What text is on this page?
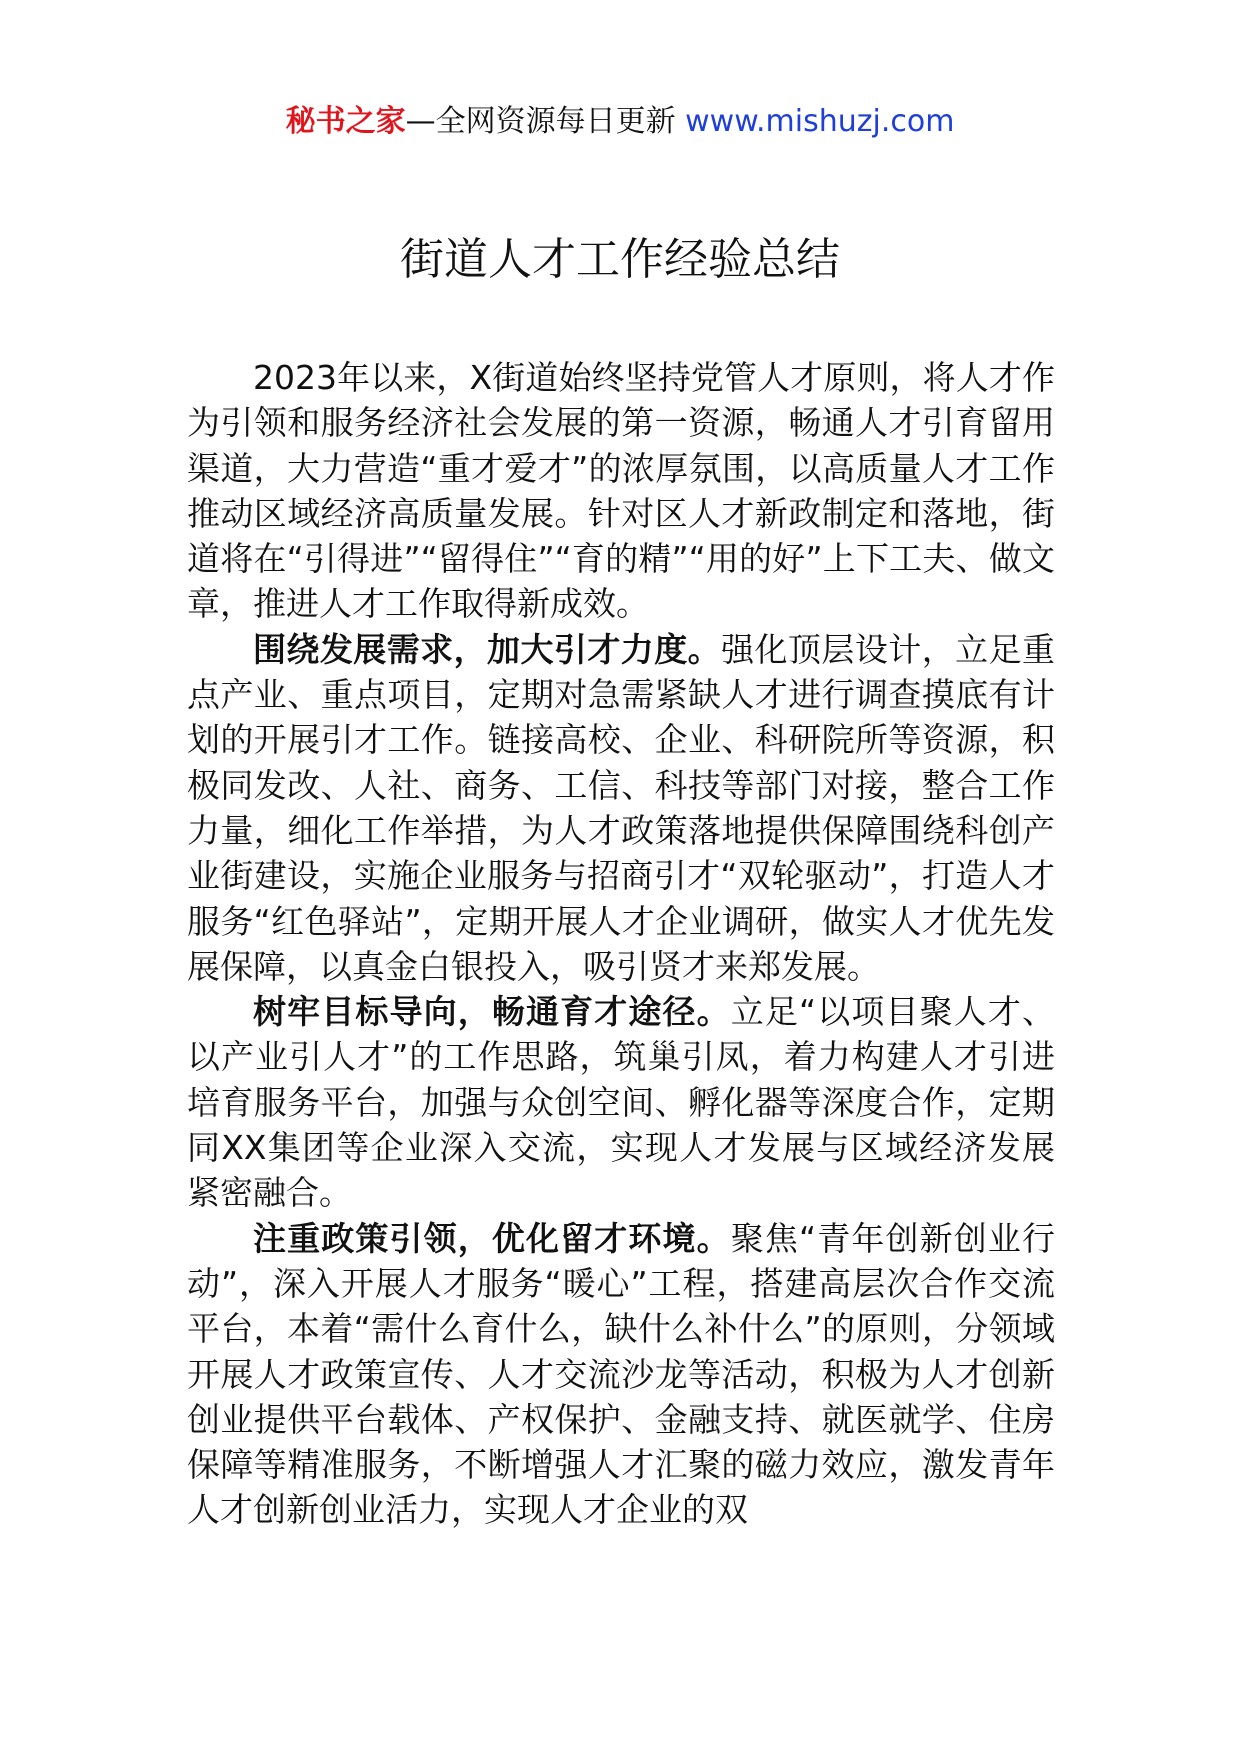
秘书之家—全网资源每日更新 www.mishuzj.com
街道人才工作经验总结

2023年以来，X街道始终坚持党管人才原则，将人才作为引领和服务经济社会发展的第一资源，畅通人才引育留用渠道，大力营造“重才爱才”的浓厚氛围，以高质量人才工作推动区域经济高质量发展。针对区人才新政制定和落地，街道将在“引得进”“留得住”“育的精”“用的好”上下工夫、做文章，推进人才工作取得新成效。

围绕发展需求，加大引才力度。强化顶层设计，立足重点产业、重点项目，定期对急需紧缺人才进行调查摸底有计划的开展引才工作。链接高校、企业、科研院所等资源，积极同发改、人社、商务、工信、科技等部门对接，整合工作力量，细化工作举措，为人才政策落地提供保障围绕科创产业街建设，实施企业服务与招商引才“双轮驱动”，打造人才服务“红色驿站”，定期开展人才企业调研，做实人才优先发展保障，以真金白银投入，吸引贤才来郑发展。

树牢目标导向，畅通育才途径。立足“以项目聚人才、以产业引人才”的工作思路，筑巢引凤，着力构建人才引进培育服务平台，加强与众创空间、孵化器等深度合作，定期同XX集团等企业深入交流，实现人才发展与区域经济发展紧密融合。

注重政策引领，优化留才环境。聚焦“青年创新创业行动”，深入开展人才服务“暖心”工程，搭建高层次合作交流平台，本着“需什么育什么，缺什么补什么”的原则，分领域开展人才政策宣传、人才交流沙龙等活动，积极为人才创新创业提供平台载体、产权保护、金融支持、就医就学、住房保障等精准服务，不断增强人才汇聚的磁力效应，激发青年人才创新创业活力，实现人才企业的双
